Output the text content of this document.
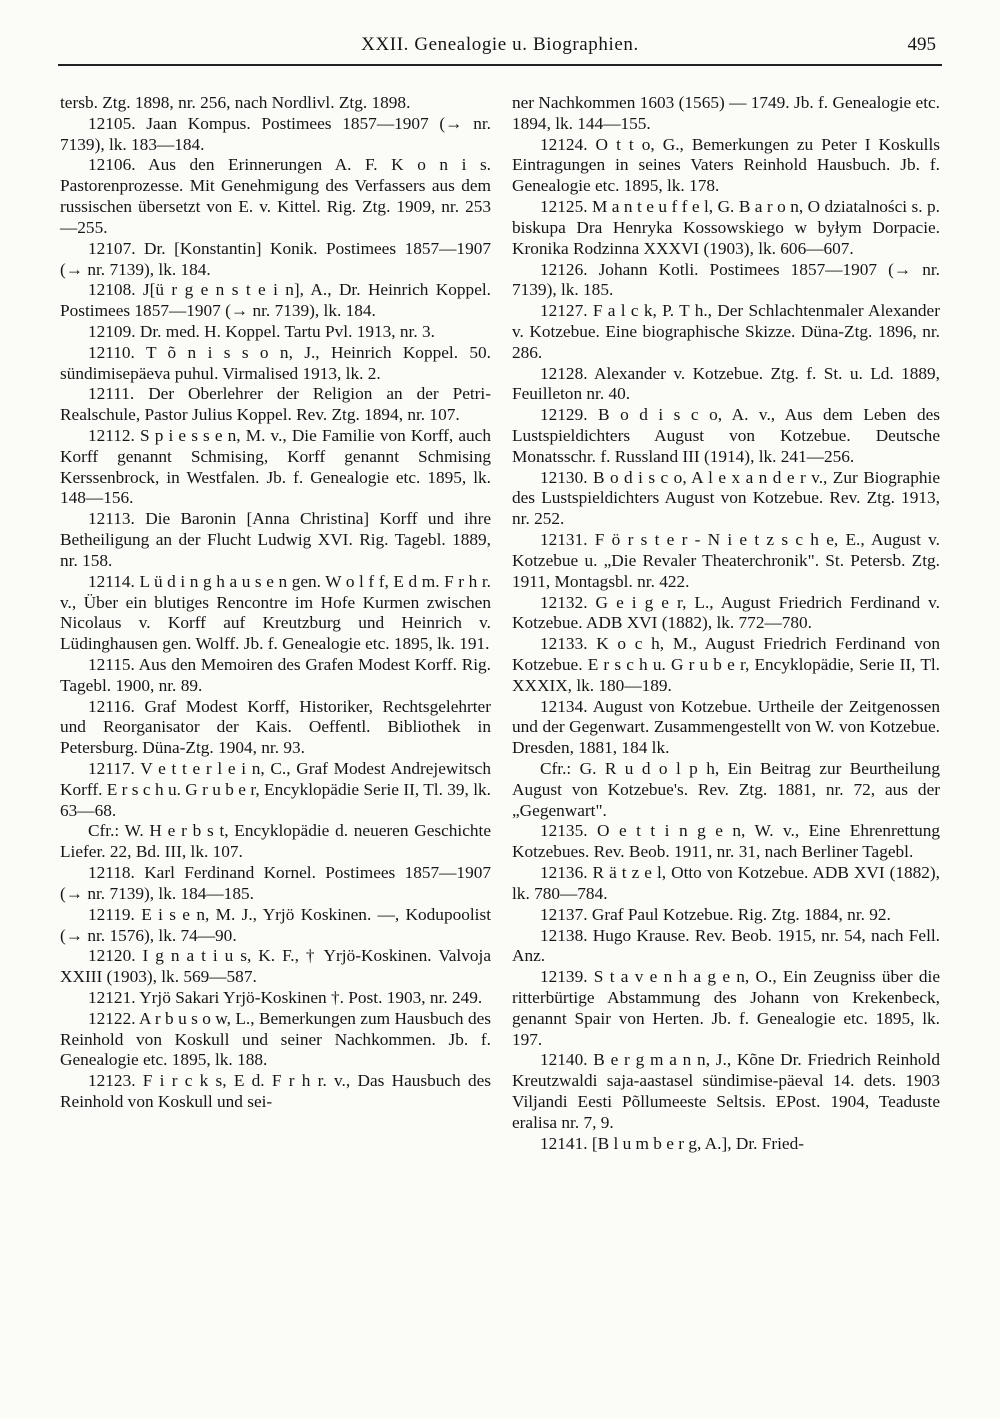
XXII. Genealogie u. Biographien.	495
tersb. Ztg. 1898, nr. 256, nach Nordlivl. Ztg. 1898.
12105. Jaan Kompus. Postimees 1857—1907 (→ nr. 7139), lk. 183—184.
12106. Aus den Erinnerungen A. F. K o n i s. Pastorenprozesse. Mit Genehmigung des Verfassers aus dem russischen übersetzt von E. v. Kittel. Rig. Ztg. 1909, nr. 253—255.
12107. Dr. [Konstantin] Konik. Postimees 1857—1907 (→ nr. 7139), lk. 184.
12108. J[ü r g e n s t e i n], A., Dr. Heinrich Koppel. Postimees 1857—1907 (→ nr. 7139), lk. 184.
12109. Dr. med. H. Koppel. Tartu Pvl. 1913, nr. 3.
12110. T õ n i s s o n, J., Heinrich Koppel. 50. sündimisepäeva puhul. Virmalised 1913, lk. 2.
12111. Der Oberlehrer der Religion an der Petri-Realschule, Pastor Julius Koppel. Rev. Ztg. 1894, nr. 107.
12112. S p i e s s e n, M. v., Die Familie von Korff, auch Korff genannt Schmising, Korff genannt Schmising Kerssenbrock, in Westfalen. Jb. f. Genealogie etc. 1895, lk. 148—156.
12113. Die Baronin [Anna Christina] Korff und ihre Betheiligung an der Flucht Ludwig XVI. Rig. Tagebl. 1889, nr. 158.
12114. L ü d i n g h a u s e n gen. W o l f f, E d m. F r h r. v., Über ein blutiges Rencontre im Hofe Kurmen zwischen Nicolaus v. Korff auf Kreutzburg und Heinrich v. Lüdinghausen gen. Wolff. Jb. f. Genealogie etc. 1895, lk. 191.
12115. Aus den Memoiren des Grafen Modest Korff. Rig. Tagebl. 1900, nr. 89.
12116. Graf Modest Korff, Historiker, Rechtsgelehrter und Reorganisator der Kais. Oeffentl. Bibliothek in Petersburg. Düna-Ztg. 1904, nr. 93.
12117. V e t t e r l e i n, C., Graf Modest Andrejewitsch Korff. E r s c h u. G r u b e r, Encyklopädie Serie II, Tl. 39, lk. 63—68.
Cfr.: W. H e r b s t, Encyklopädie d. neueren Geschichte Liefer. 22, Bd. III, lk. 107.
12118. Karl Ferdinand Kornel. Postimees 1857—1907 (→ nr. 7139), lk. 184—185.
12119. E i s e n, M. J., Yrjö Koskinen. —, Kodupoolist (→ nr. 1576), lk. 74—90.
12120. I g n a t i u s, K. F., † Yrjö-Koskinen. Valvoja XXIII (1903), lk. 569—587.
12121. Yrjö Sakari Yrjö-Koskinen †. Post. 1903, nr. 249.
12122. A r b u s o w, L., Bemerkungen zum Hausbuch des Reinhold von Koskull und seiner Nachkommen. Jb. f. Genealogie etc. 1895, lk. 188.
12123. F i r c k s, E d. F r h r. v., Das Hausbuch des Reinhold von Koskull und sei-
ner Nachkommen 1603 (1565) — 1749. Jb. f. Genealogie etc. 1894, lk. 144—155.
12124. O t t o, G., Bemerkungen zu Peter I Koskulls Eintragungen in seines Vaters Reinhold Hausbuch. Jb. f. Genealogie etc. 1895, lk. 178.
12125. M a n t e u f f e l, G. B a r o n, O dziatalności s. p. biskupa Dra Henryka Kossowskiego w byłym Dorpacie. Kronika Rodzinna XXXVI (1903), lk. 606—607.
12126. Johann Kotli. Postimees 1857—1907 (→ nr. 7139), lk. 185.
12127. F a l c k, P. T h., Der Schlachtenmaler Alexander v. Kotzebue. Eine biographische Skizze. Düna-Ztg. 1896, nr. 286.
12128. Alexander v. Kotzebue. Ztg. f. St. u. Ld. 1889, Feuilleton nr. 40.
12129. B o d i s c o, A. v., Aus dem Leben des Lustspieldichters August von Kotzebue. Deutsche Monatsschr. f. Russland III (1914), lk. 241—256.
12130. B o d i s c o, A l e x a n d e r v., Zur Biographie des Lustspieldichters August von Kotzebue. Rev. Ztg. 1913, nr. 252.
12131. F ö r s t e r - N i e t z s c h e, E., August v. Kotzebue u. „Die Revaler Theaterchronik". St. Petersb. Ztg. 1911, Montagsbl. nr. 422.
12132. G e i g e r, L., August Friedrich Ferdinand v. Kotzebue. ADB XVI (1882), lk. 772—780.
12133. K o c h, M., August Friedrich Ferdinand von Kotzebue. E r s c h u. G r u b e r, Encyklopädie, Serie II, Tl. XXXIX, lk. 180—189.
12134. August von Kotzebue. Urtheile der Zeitgenossen und der Gegenwart. Zusammengestellt von W. von Kotzebue. Dresden, 1881, 184 lk.
Cfr.: G. R u d o l p h, Ein Beitrag zur Beurtheilung August von Kotzebue's. Rev. Ztg. 1881, nr. 72, aus der „Gegenwart".
12135. O e t t i n g e n, W. v., Eine Ehrenrettung Kotzebues. Rev. Beob. 1911, nr. 31, nach Berliner Tagebl.
12136. R ä t z e l, Otto von Kotzebue. ADB XVI (1882), lk. 780—784.
12137. Graf Paul Kotzebue. Rig. Ztg. 1884, nr. 92.
12138. Hugo Krause. Rev. Beob. 1915, nr. 54, nach Fell. Anz.
12139. S t a v e n h a g e n, O., Ein Zeugniss über die ritterbürtige Abstammung des Johann von Krekenbeck, genannt Spair von Herten. Jb. f. Genealogie etc. 1895, lk. 197.
12140. B e r g m a n n, J., Kõne Dr. Friedrich Reinhold Kreutzwaldi saja-aastasel sündimise-päeval 14. dets. 1903 Viljandi Eesti Põllumeeste Seltsis. EPost. 1904, Teaduste eralisa nr. 7, 9.
12141. [B l u m b e r g, A.], Dr. Fried-
